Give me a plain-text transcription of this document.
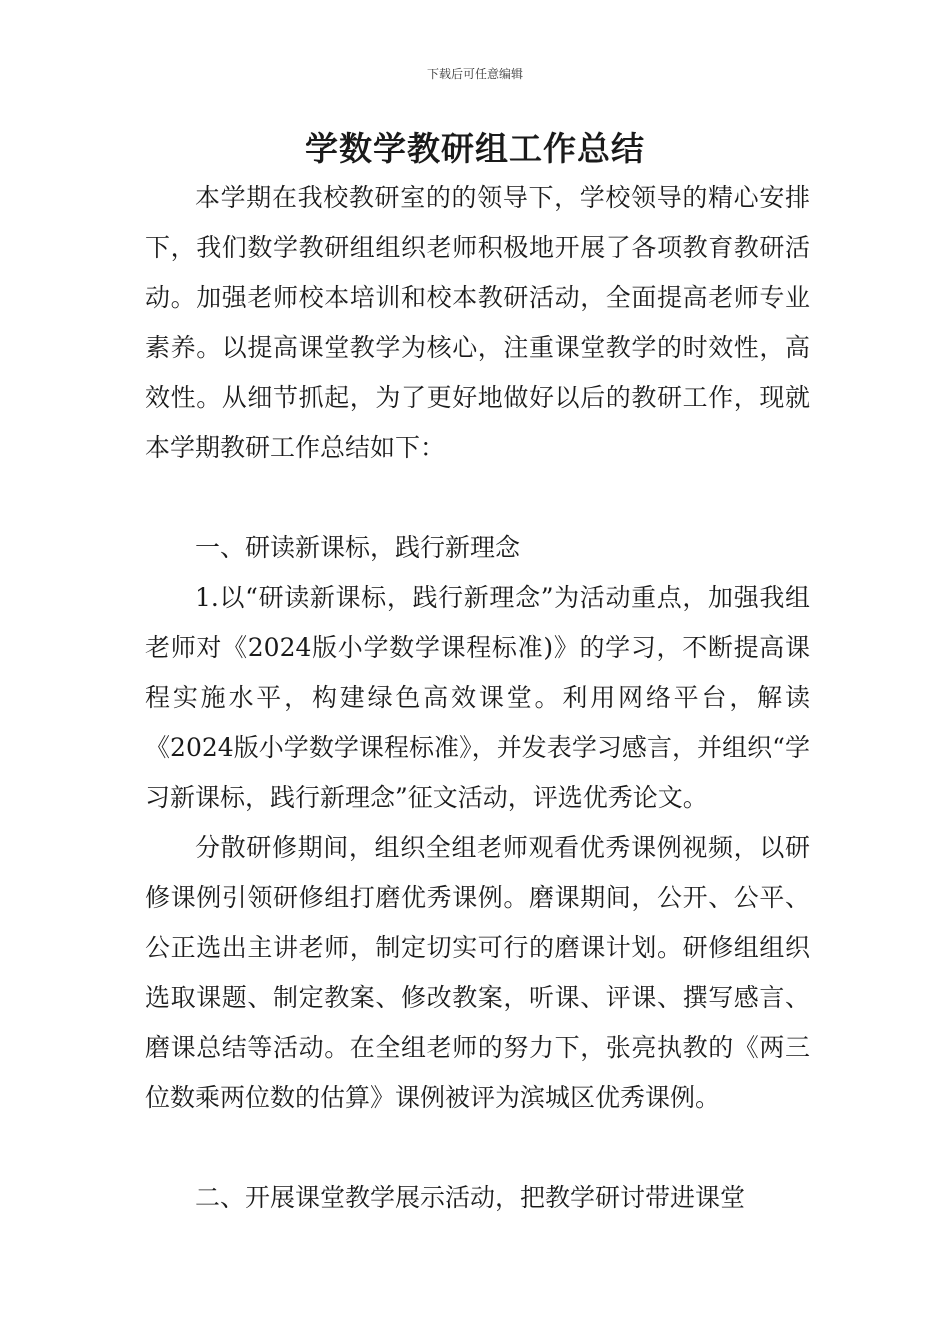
下载后可任意编辑
学数学教研组工作总结

本学期在我校教研室的的领导下，学校领导的精心安排下，我们数学教研组组织老师积极地开展了各项教育教研活动。加强老师校本培训和校本教研活动，全面提高老师专业素养。以提高课堂教学为核心，注重课堂教学的时效性，高效性。从细节抓起，为了更好地做好以后的教研工作，现就本学期教研工作总结如下：

一、研读新课标，践行新理念

1.以“研读新课标，践行新理念”为活动重点，加强我组老师对《2024版小学数学课程标准)》的学习，不断提高课程实施水平，构建绿色高效课堂。利用网络平台，解读《2024版小学数学课程标准》，并发表学习感言，并组织“学习新课标，践行新理念”征文活动，评选优秀论文。

分散研修期间，组织全组老师观看优秀课例视频，以研修课例引领研修组打磨优秀课例。磨课期间，公开、公平、公正选出主讲老师，制定切实可行的磨课计划。研修组组织选取课题、制定教案、修改教案，听课、评课、撰写感言、磨课总结等活动。在全组老师的努力下，张亮执教的《两三位数乘两位数的估算》课例被评为滨城区优秀课例。

二、开展课堂教学展示活动，把教学研讨带进课堂
